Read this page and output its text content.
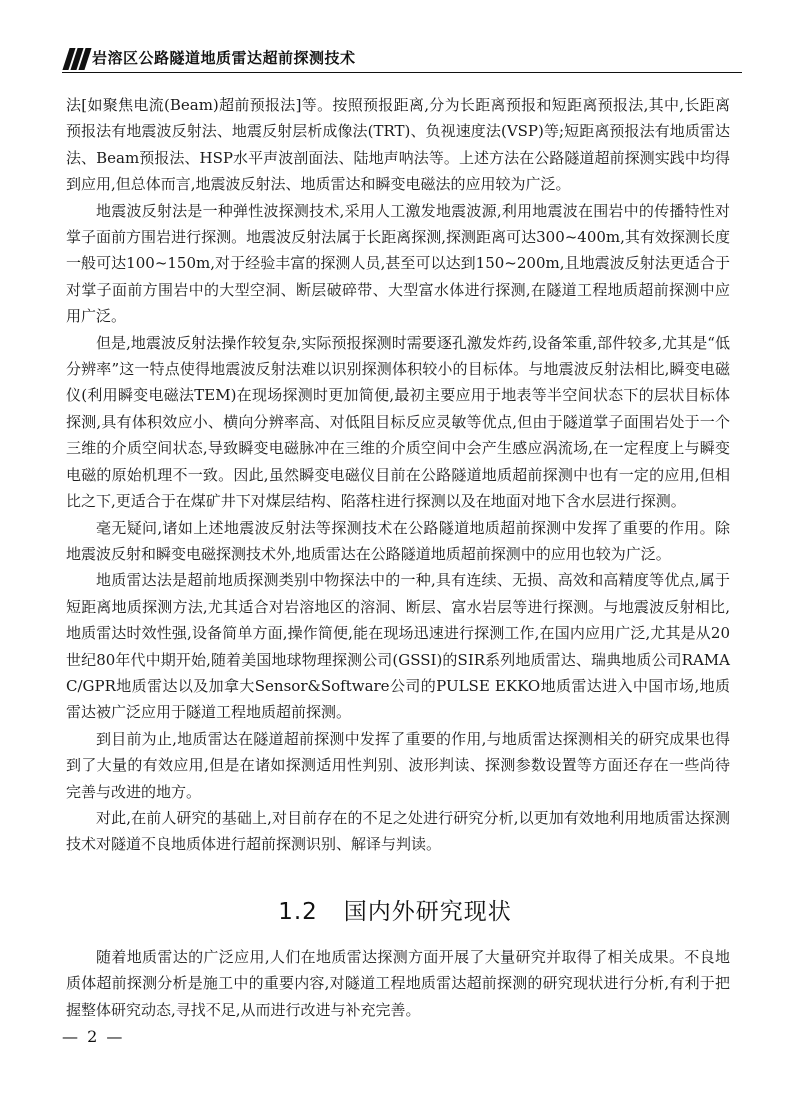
岩溶区公路隧道地质雷达超前探测技术

法[如聚焦电流(Beam)超前预报法]等。按照预报距离,分为长距离预报和短距离预报法,其中,长距离预报法有地震波反射法、地震反射层析成像法(TRT)、负视速度法(VSP)等;短距离预报法有地质雷达法、Beam预报法、HSP水平声波剖面法、陆地声呐法等。上述方法在公路隧道超前探测实践中均得到应用,但总体而言,地震波反射法、地质雷达和瞬变电磁法的应用较为广泛。

地震波反射法是一种弹性波探测技术,采用人工激发地震波源,利用地震波在围岩中的传播特性对掌子面前方围岩进行探测。地震波反射法属于长距离探测,探测距离可达300~400m,其有效探测长度一般可达100~150m,对于经验丰富的探测人员,甚至可以达到150~200m,且地震波反射法更适合于对掌子面前方围岩中的大型空洞、断层破碎带、大型富水体进行探测,在隧道工程地质超前探测中应用广泛。

但是,地震波反射法操作较复杂,实际预报探测时需要逐孔激发炸药,设备笨重,部件较多,尤其是“低分辨率”这一特点使得地震波反射法难以识别探测体积较小的目标体。与地震波反射法相比,瞬变电磁仪(利用瞬变电磁法TEM)在现场探测时更加简便,最初主要应用于地表等半空间状态下的层状目标体探测,具有体积效应小、横向分辨率高、对低阻目标反应灵敏等优点,但由于隧道掌子面围岩处于一个三维的介质空间状态,导致瞬变电磁脉冲在三维的介质空间中会产生感应涡流场,在一定程度上与瞬变电磁的原始机理不一致。因此,虽然瞬变电磁仪目前在公路隧道地质超前探测中也有一定的应用,但相比之下,更适合于在煤矿井下对煤层结构、陷落柱进行探测以及在地面对地下含水层进行探测。

毫无疑问,诸如上述地震波反射法等探测技术在公路隧道地质超前探测中发挥了重要的作用。除地震波反射和瞬变电磁探测技术外,地质雷达在公路隧道地质超前探测中的应用也较为广泛。

地质雷达法是超前地质探测类别中物探法中的一种,具有连续、无损、高效和高精度等优点,属于短距离地质探测方法,尤其适合对岩溶地区的溶洞、断层、富水岩层等进行探测。与地震波反射相比,地质雷达时效性强,设备简单方面,操作简便,能在现场迅速进行探测工作,在国内应用广泛,尤其是从20世纪80年代中期开始,随着美国地球物理探测公司(GSSI)的SIR系列地质雷达、瑞典地质公司RAMAC/GPR地质雷达以及加拿大Sensor&Software公司的PULSE EKKO地质雷达进入中国市场,地质雷达被广泛应用于隧道工程地质超前探测。

到目前为止,地质雷达在隧道超前探测中发挥了重要的作用,与地质雷达探测相关的研究成果也得到了大量的有效应用,但是在诸如探测适用性判别、波形判读、探测参数设置等方面还存在一些尚待完善与改进的地方。

对此,在前人研究的基础上,对目前存在的不足之处进行研究分析,以更加有效地利用地质雷达探测技术对隧道不良地质体进行超前探测识别、解译与判读。

1.2 国内外研究现状

随着地质雷达的广泛应用,人们在地质雷达探测方面开展了大量研究并取得了相关成果。不良地质体超前探测分析是施工中的重要内容,对隧道工程地质雷达超前探测的研究现状进行分析,有利于把握整体研究动态,寻找不足,从而进行改进与补充完善。

— 2 —
